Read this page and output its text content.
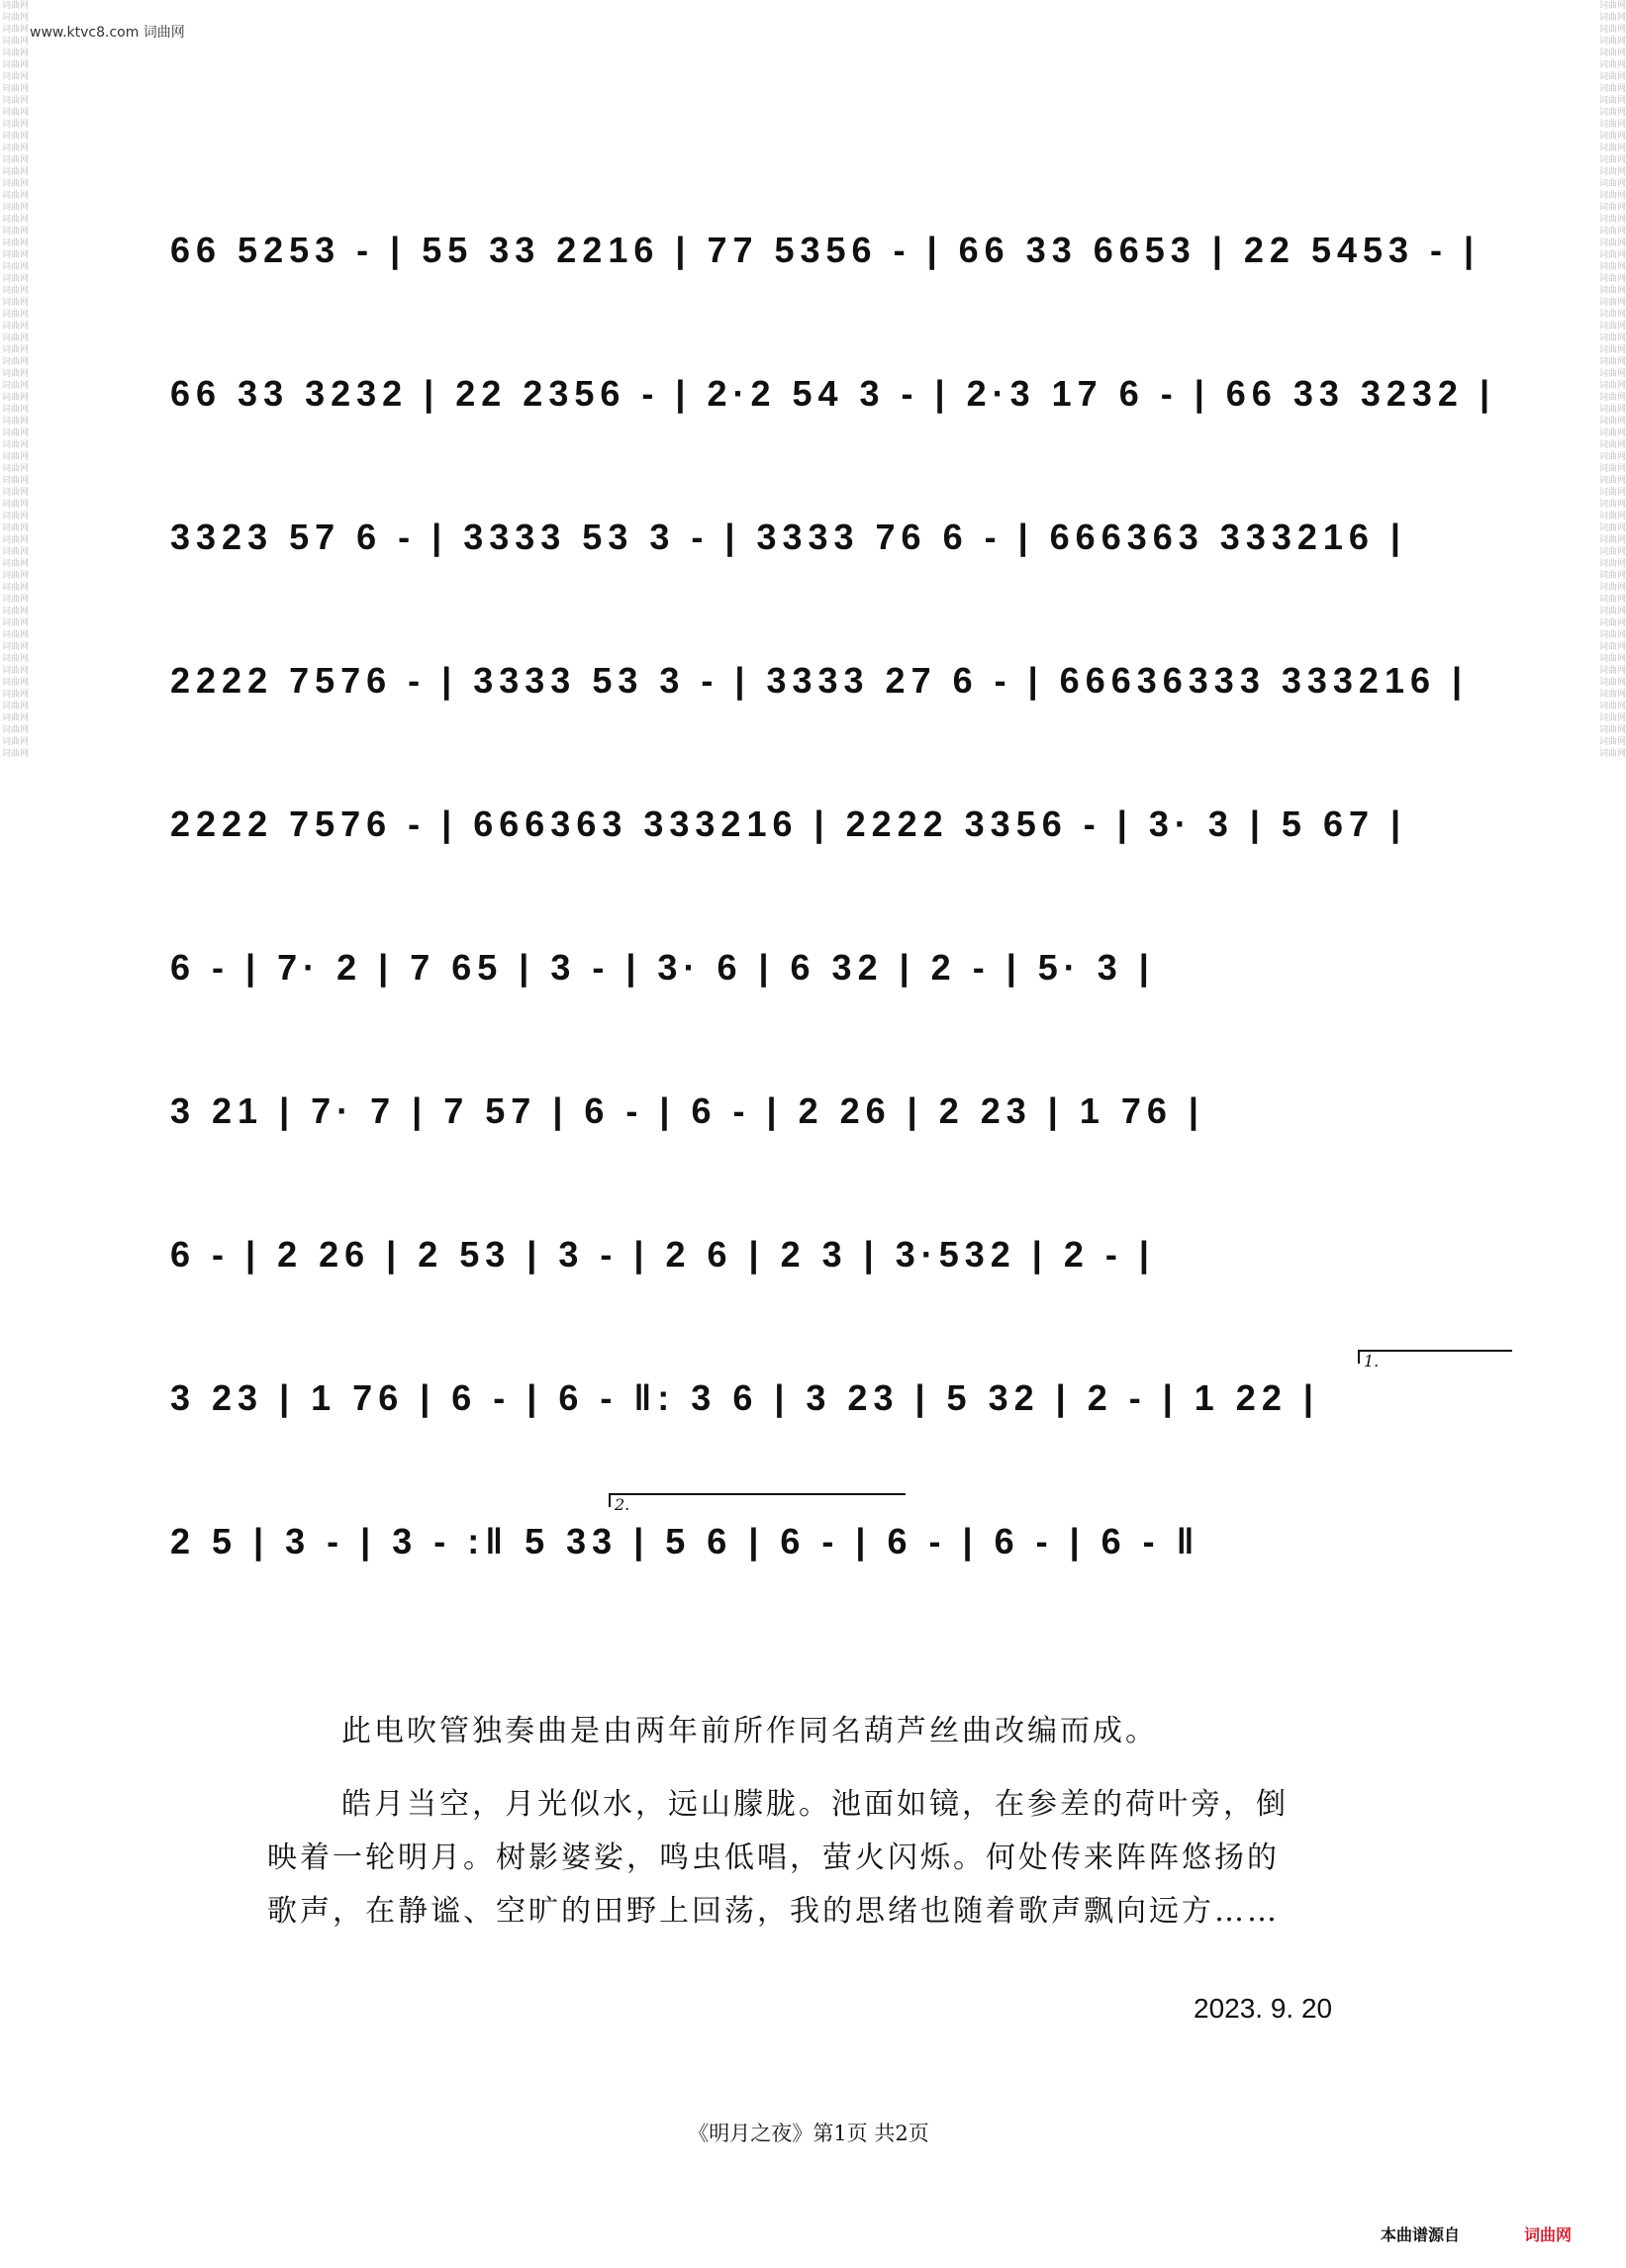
www.ktvc8.com 词曲网
词曲网
词曲网
词曲网
词曲网
词曲网
词曲网
词曲网
词曲网
词曲网
词曲网
词曲网
词曲网
词曲网
词曲网
词曲网
词曲网
词曲网
词曲网
词曲网
词曲网
词曲网
词曲网
词曲网
词曲网
词曲网
词曲网
词曲网
词曲网
词曲网
词曲网
词曲网
词曲网
词曲网
词曲网
词曲网
词曲网
词曲网
词曲网
词曲网
词曲网
词曲网
词曲网
词曲网
词曲网
词曲网
词曲网
词曲网
词曲网
词曲网
词曲网
词曲网
词曲网
词曲网
词曲网
词曲网
词曲网
词曲网
词曲网
词曲网
词曲网
词曲网
词曲网
词曲网
词曲网

词曲网
词曲网
词曲网
词曲网
词曲网
词曲网
词曲网
词曲网
词曲网
词曲网
词曲网
词曲网
词曲网
词曲网
词曲网
词曲网
词曲网
词曲网
词曲网
词曲网
词曲网
词曲网
词曲网
词曲网
词曲网
词曲网
词曲网
词曲网
词曲网
词曲网
词曲网
词曲网
词曲网
词曲网
词曲网
词曲网
词曲网
词曲网
词曲网
词曲网
词曲网
词曲网
词曲网
词曲网
词曲网
词曲网
词曲网
词曲网
词曲网
词曲网
词曲网
词曲网
词曲网
词曲网
词曲网
词曲网
词曲网
词曲网
词曲网
词曲网
词曲网
词曲网
词曲网
词曲网

66 5253 - | 55 33 2216 | 77 5356 - | 66 33 6653 | 22 5453 - |
66 33 3232 | 22 2356 - | 2·2 54 3 - | 2·3 17 6 - | 66 33 3232 |
3323 57 6 - | 3333 53 3 - | 3333 76 6 - | 666363 333216 |
2222 7576 - | 3333 53 3 - | 3333 27 6 - | 66636333 333216 |
2222 7576 - | 666363 333216 | 2222 3356 - | 3· 3 | 5 67 |
6 - | 7· 2 | 7 65 | 3 - | 3· 6 | 6 32 | 2 - | 5· 3 |
3 21 | 7· 7 | 7 57 | 6 - | 6 - | 2 26 | 2 23 | 1 76 |
6 - | 2 26 | 2 53 | 3 - | 2 6 | 2 3 | 3·532 | 2 - |
1.
3 23 | 1 76 | 6 - | 6 - ‖: 3 6 | 3 23 | 5 32 | 2 - | 1 22 |
2.
2 5 | 3 - | 3 - :‖ 5 33 | 5 6 | 6 - | 6 - | 6 - | 6 - ‖
此电吹管独奏曲是由两年前所作同名葫芦丝曲改编而成。
皓月当空，月光似水，远山朦胧。池面如镜，在参差的荷叶旁，倒
映着一轮明月。树影婆娑，鸣虫低唱，萤火闪烁。何处传来阵阵悠扬的
歌声，在静谧、空旷的田野上回荡，我的思绪也随着歌声飘向远方……
2023. 9. 20
《明月之夜》第1页 共2页
本曲谱源自	词曲网
